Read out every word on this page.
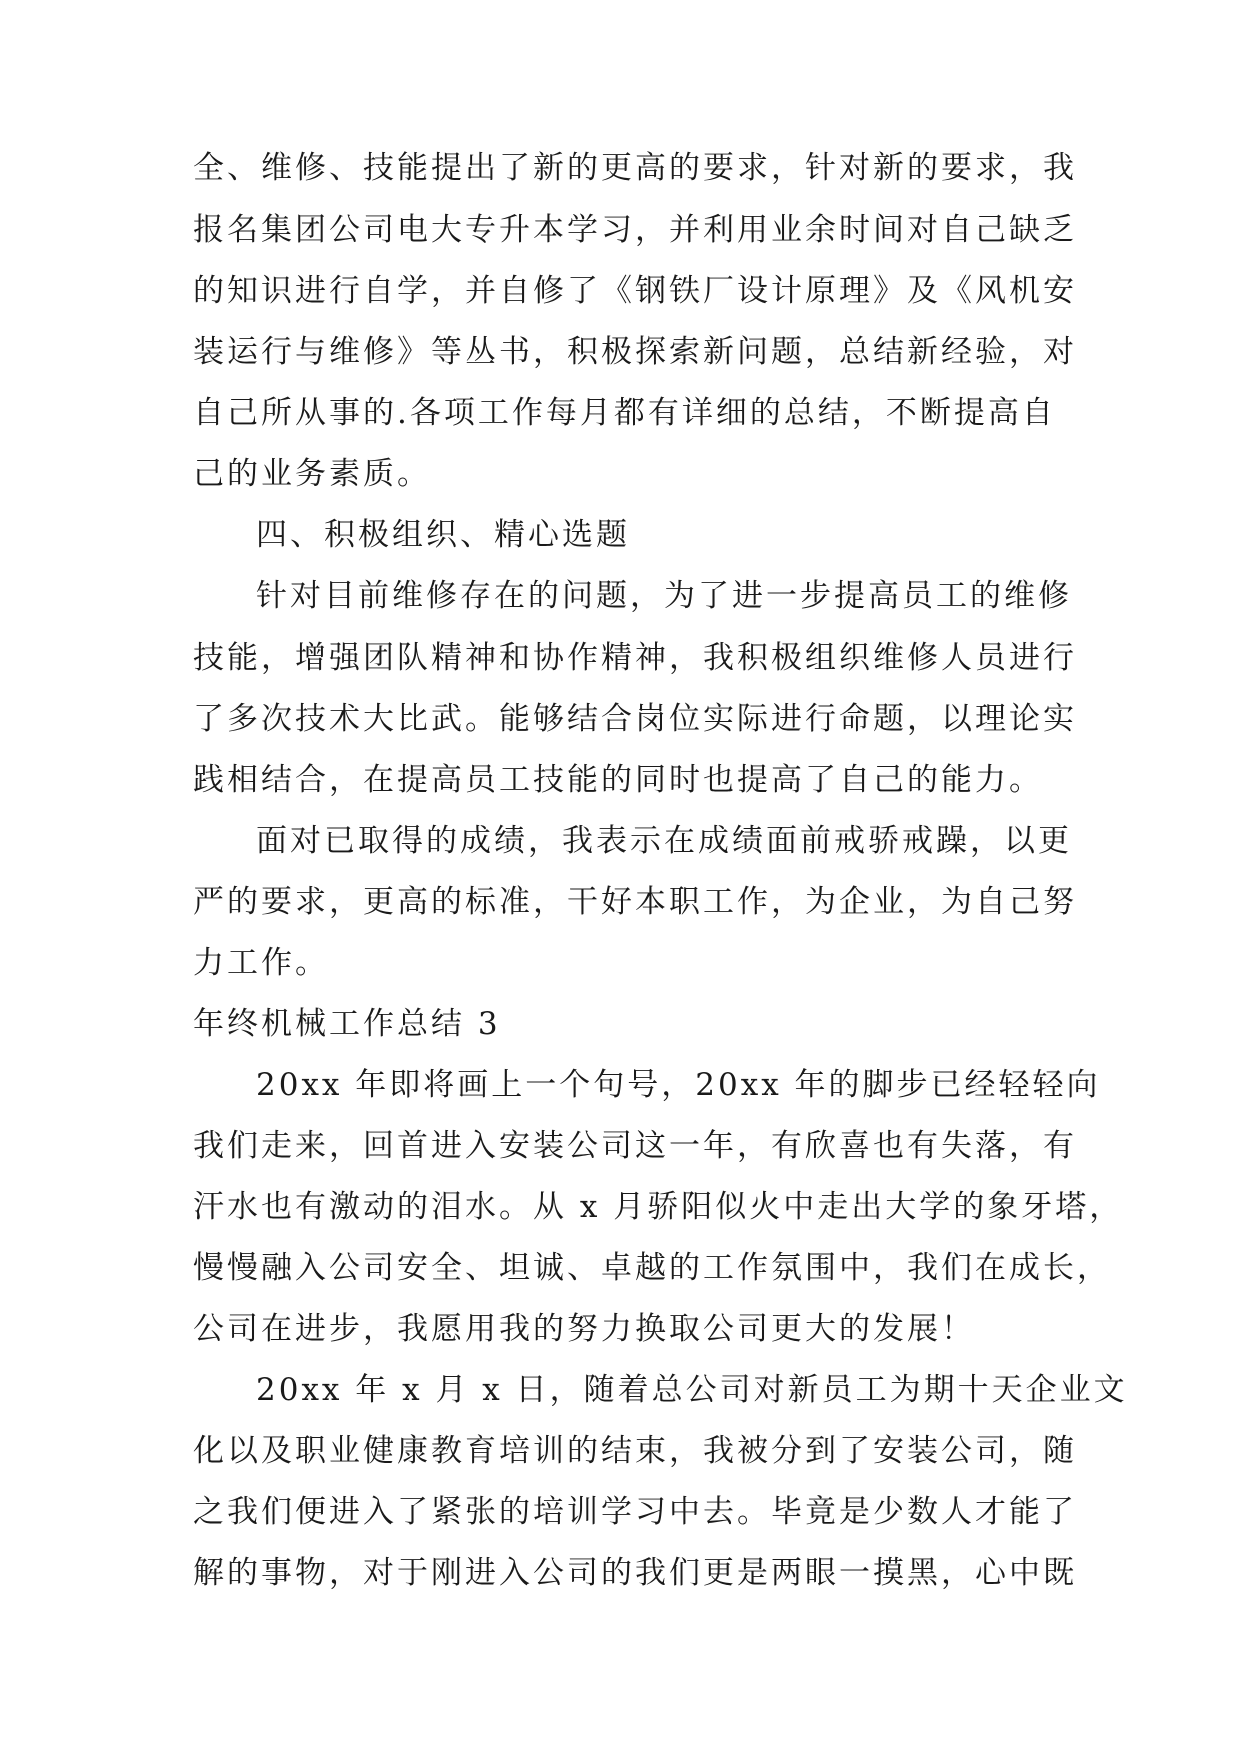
全、维修、技能提出了新的更高的要求，针对新的要求，我
报名集团公司电大专升本学习，并利用业余时间对自己缺乏
的知识进行自学，并自修了《钢铁厂设计原理》及《风机安
装运行与维修》等丛书，积极探索新问题，总结新经验，对
自己所从事的.各项工作每月都有详细的总结，不断提高自
己的业务素质。
四、积极组织、精心选题
针对目前维修存在的问题，为了进一步提高员工的维修
技能，增强团队精神和协作精神，我积极组织维修人员进行
了多次技术大比武。能够结合岗位实际进行命题，以理论实
践相结合，在提高员工技能的同时也提高了自己的能力。
面对已取得的成绩，我表示在成绩面前戒骄戒躁，以更
严的要求，更高的标准，干好本职工作，为企业，为自己努
力工作。
年终机械工作总结 3
20xx 年即将画上一个句号，20xx 年的脚步已经轻轻向
我们走来，回首进入安装公司这一年，有欣喜也有失落，有
汗水也有激动的泪水。从 x 月骄阳似火中走出大学的象牙塔，
慢慢融入公司安全、坦诚、卓越的工作氛围中，我们在成长，
公司在进步，我愿用我的努力换取公司更大的发展！
20xx 年 x 月 x 日，随着总公司对新员工为期十天企业文
化以及职业健康教育培训的结束，我被分到了安装公司，随
之我们便进入了紧张的培训学习中去。毕竟是少数人才能了
解的事物，对于刚进入公司的我们更是两眼一摸黑，心中既
